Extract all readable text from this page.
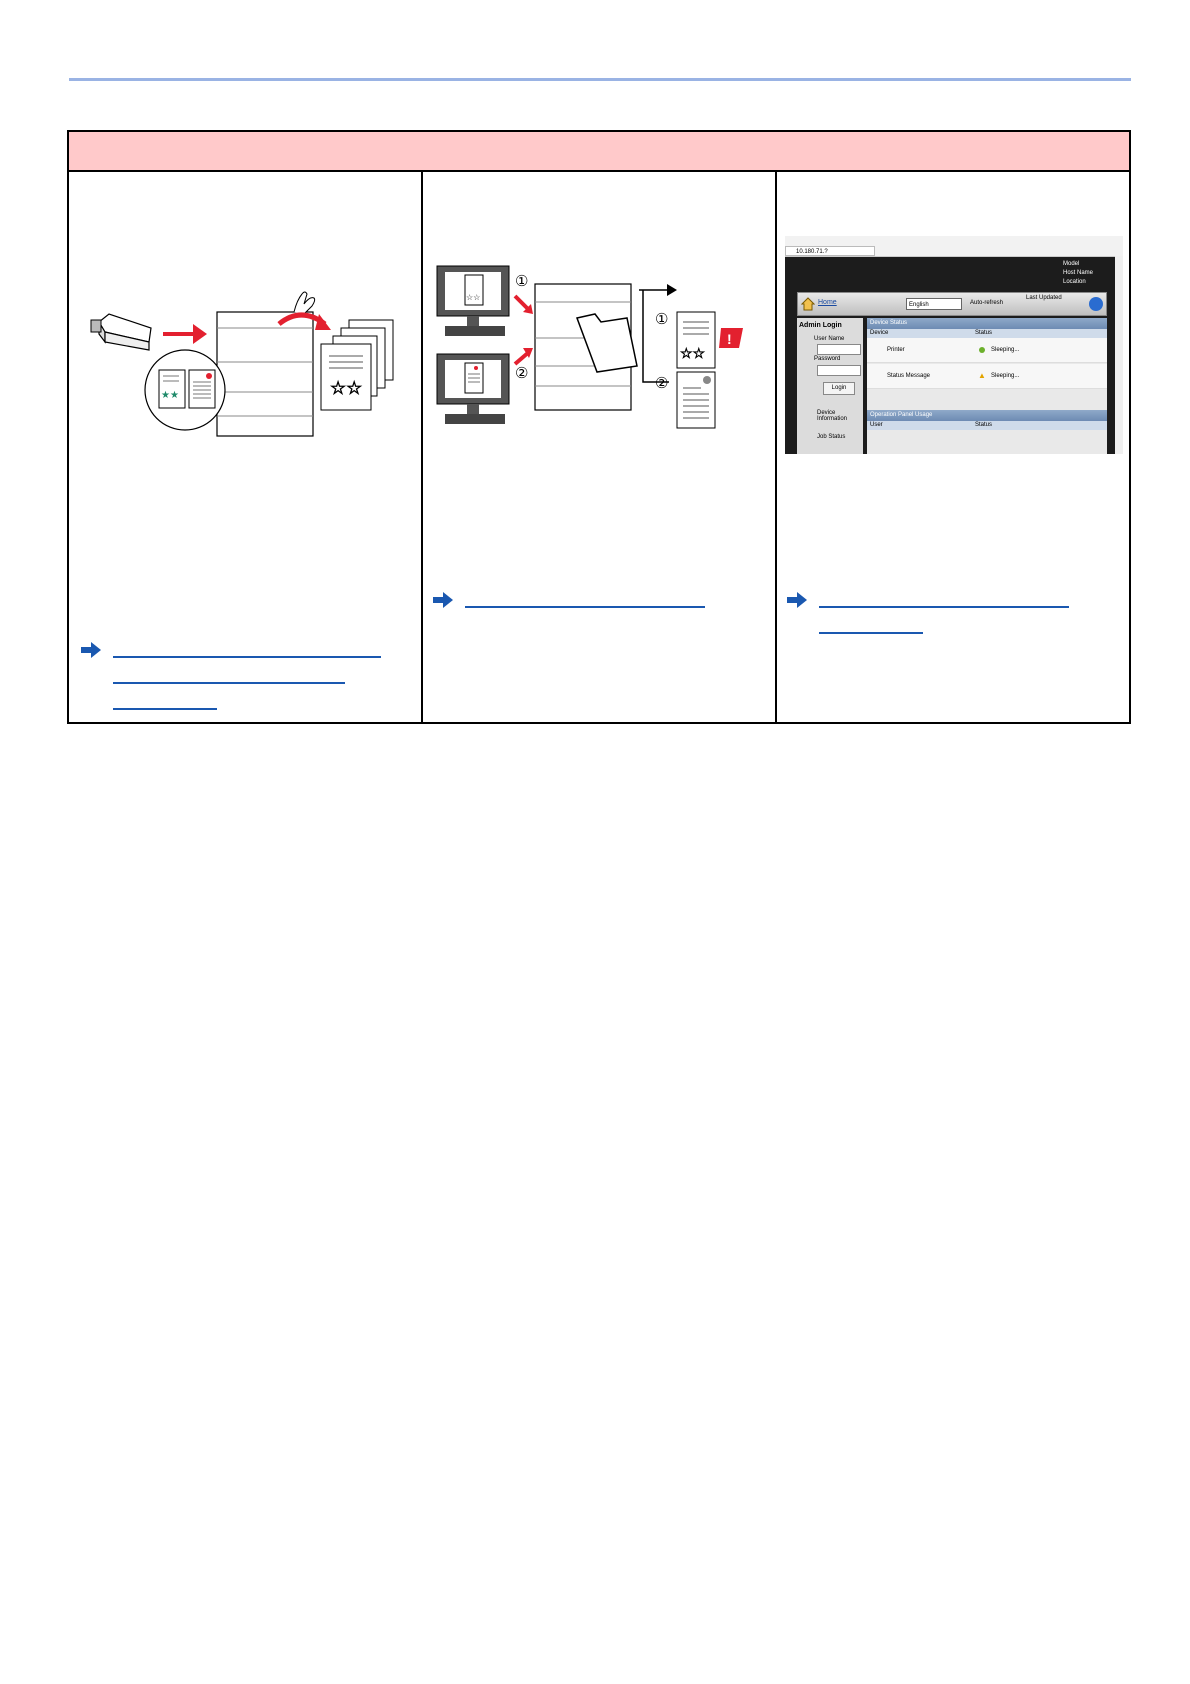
☆☆
★★
☆☆
①
②
①
②
☆☆
!
10.180.71.?
Model
Host Name
Location
Home	English	Auto-refresh
Last Updated
Admin Login
User Name
Password
Login
Device Information
Job Status
Device Status
Device	Status
Printer	Sleeping...
Status Message	Sleeping...
▲
Operation Panel Usage
User	Status
